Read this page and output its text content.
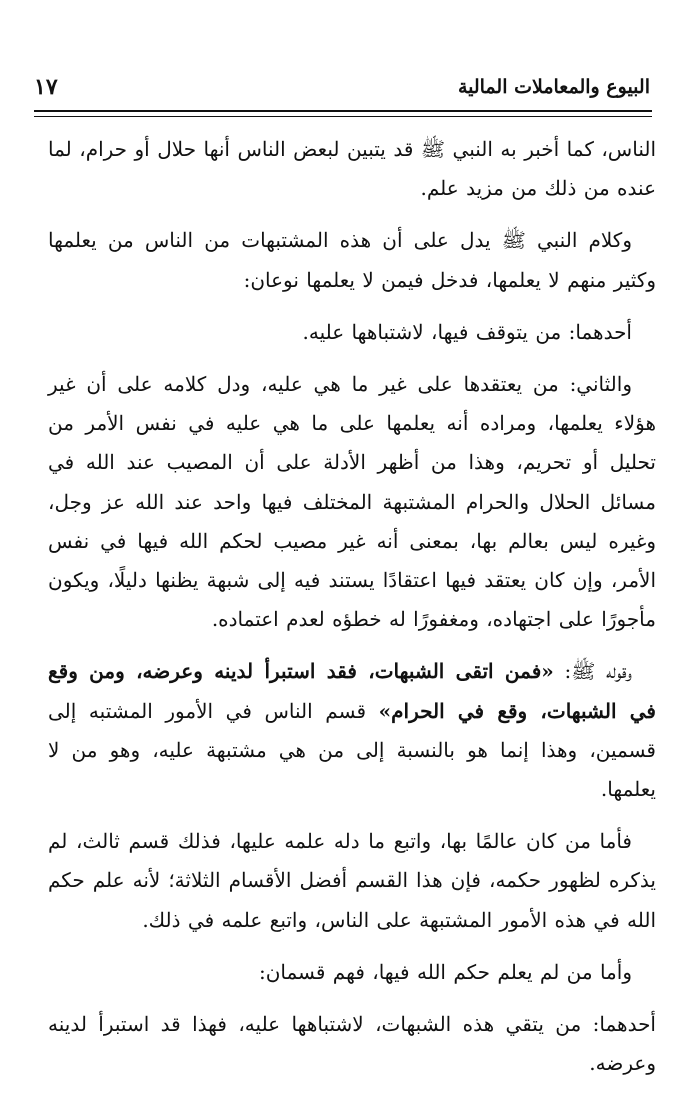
البيوع والمعاملات المالية
١٧

الناس، كما أخبر به النبي ﷺ قد يتبين لبعض الناس أنها حلال أو حرام، لما عنده من ذلك من مزيد علم.

وكلام النبي ﷺ يدل على أن هذه المشتبهات من الناس من يعلمها وكثير منهم لا يعلمها، فدخل فيمن لا يعلمها نوعان:

أحدهما: من يتوقف فيها، لاشتباهها عليه.

والثاني: من يعتقدها على غير ما هي عليه، ودل كلامه على أن غير هؤلاء يعلمها، ومراده أنه يعلمها على ما هي عليه في نفس الأمر من تحليل أو تحريم، وهذا من أظهر الأدلة على أن المصيب عند الله في مسائل الحلال والحرام المشتبهة المختلف فيها واحد عند الله عز وجل، وغيره ليس بعالم بها، بمعنى أنه غير مصيب لحكم الله فيها في نفس الأمر، وإن كان يعتقد فيها اعتقادًا يستند فيه إلى شبهة يظنها دليلًا، ويكون مأجورًا على اجتهاده، ومغفورًا له خطؤه لعدم اعتماده.

وقوله ﷺ: «فمن اتقى الشبهات، فقد استبرأ لدينه وعرضه، ومن وقع في الشبهات، وقع في الحرام» قسم الناس في الأمور المشتبه إلى قسمين، وهذا إنما هو بالنسبة إلى من هي مشتبهة عليه، وهو من لا يعلمها.

فأما من كان عالمًا بها، واتبع ما دله علمه عليها، فذلك قسم ثالث، لم يذكره لظهور حكمه، فإن هذا القسم أفضل الأقسام الثلاثة؛ لأنه علم حكم الله في هذه الأمور المشتبهة على الناس، واتبع علمه في ذلك.

وأما من لم يعلم حكم الله فيها، فهم قسمان:

أحدهما: من يتقي هذه الشبهات، لاشتباهها عليه، فهذا قد استبرأ لدينه وعرضه.
